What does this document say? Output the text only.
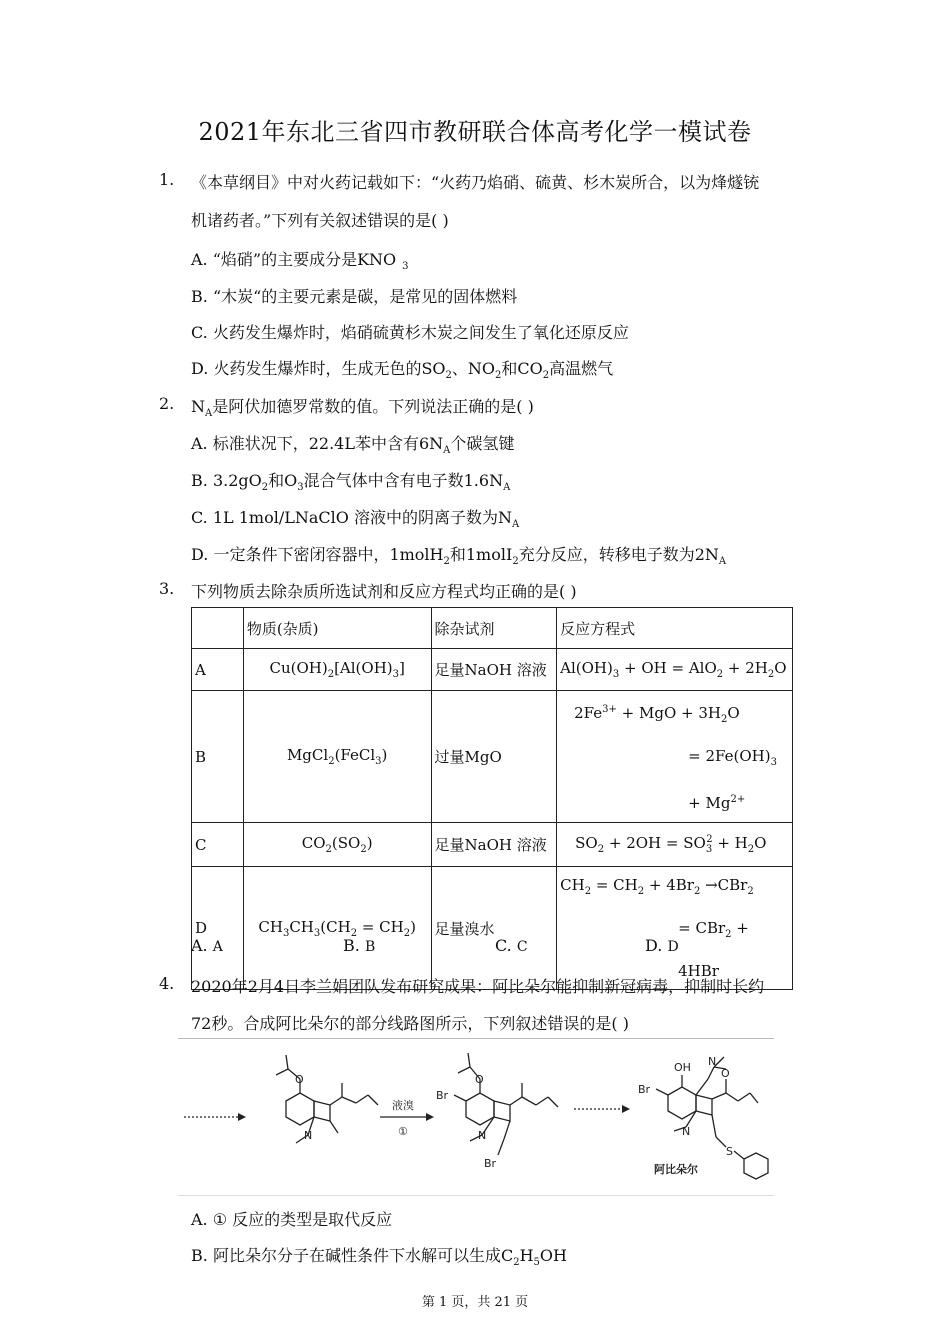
2021年东北三省四市教研联合体高考化学一模试卷
1. 《本草纲目》中对火药记载如下：“火药乃焰硝、硫黄、杉木炭所合，以为烽燧铳
机诸药者。”下列有关叙述错误的是( )
A. “焰硝”的主要成分是KNO $_3$
B. “木炭“的主要元素是碳，是常见的固体燃料
C. 火药发生爆炸时，焰硝硫黄杉木炭之间发生了氧化还原反应
D. 火药发生爆炸时，生成无色的$SO_2$、$NO_2$和$CO_2$高温燃气
2. $N_A$是阿伏加德罗常数的值。下列说法正确的是( )
A. 标准状况下，22.4L苯中含有$6N_A$个碳氢键
B. $3.2gO_2$和$O_3$混合气体中含有电子数$1.6N_A$
C. 1L 1mol/LNaClO 溶液中的阴离子数为$N_A$
D. 一定条件下密闭容器中，1molH$_2$和1molI$_2$充分反应，转移电子数为$2N_A$
3. 下列物质去除杂质所选试剂和反应方程式均正确的是( )
	物质(杂质)	除杂试剂	反应方程式
A	$Cu(OH)_2[Al(OH)_3]$	足量NaOH 溶液	$Al(OH)_3$ + OH = $AlO_2 + 2H_2O$
B	MgCl$_2$(FeCl$_3$)	过量MgO	$2Fe^{3+}$ + MgO + $3H_2O$
= $2Fe(OH)_3$
+ $Mg^{2+}$

C	$CO_2(SO_2)$	足量NaOH 溶液	$SO_2 + 2OH = SO_3^2 + H_2O$
D	$CH_3CH_3(CH_2 = CH_2)$	足量溴水	$CH_2 = CH_2 + 4Br_2 \to CBr_2$
= CBr$_2$ + 4HBr
A. A	B. B	C. C	D. D
4. 2020年2月4日李兰娟团队发布研究成果：阿比朵尔能抑制新冠病毒，抑制时长约
72秒。合成阿比朵尔的部分线路图所示，下列叙述错误的是( )
O
N
液溴
①
O
Br
N
Br
OH N
Br
O
N
S
阿比朵尔
A. ① 反应的类型是取代反应
B. 阿比朵尔分子在碱性条件下水解可以生成$C_2H_5OH$
第 1 页，共 21 页
